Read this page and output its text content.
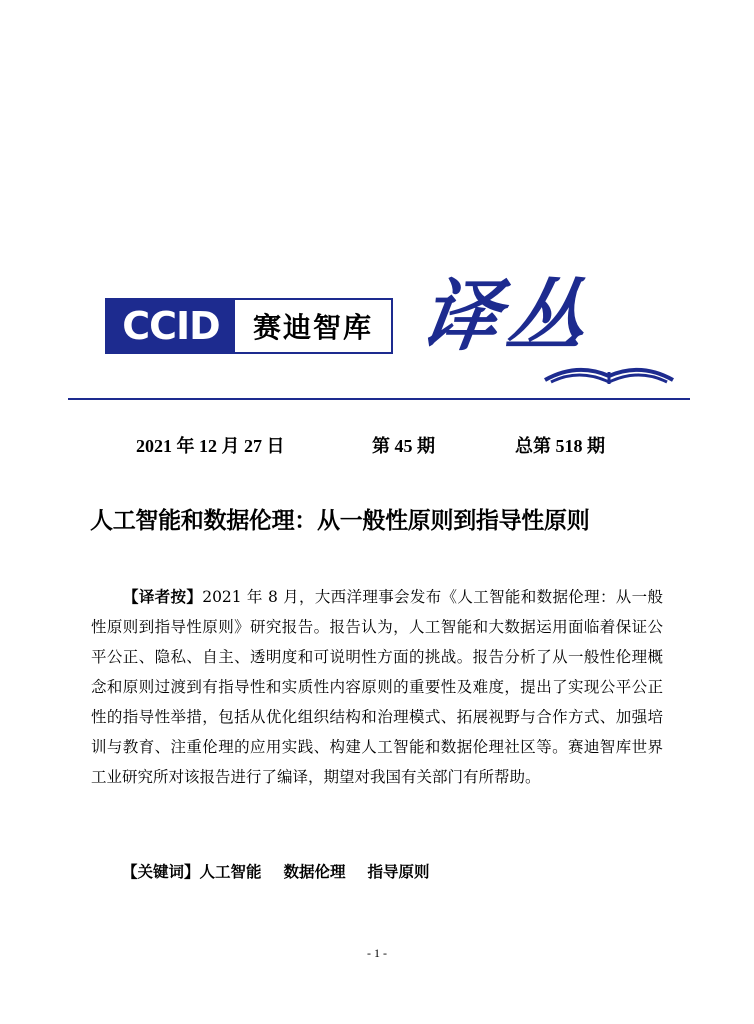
CCID	赛迪智库 译丛
2021 年 12 月 27 日	第 45 期	总第 518 期
人工智能和数据伦理：从一般性原则到指导性原则
【译者按】2021 年 8 月，大西洋理事会发布《人工智能和数据伦理：从一般性原则到指导性原则》研究报告。报告认为，人工智能和大数据运用面临着保证公平公正、隐私、自主、透明度和可说明性方面的挑战。报告分析了从一般性伦理概念和原则过渡到有指导性和实质性内容原则的重要性及难度，提出了实现公平公正性的指导性举措，包括从优化组织结构和治理模式、拓展视野与合作方式、加强培训与教育、注重伦理的应用实践、构建人工智能和数据伦理社区等。赛迪智库世界工业研究所对该报告进行了编译，期望对我国有关部门有所帮助。
【关键词】人工智能 数据伦理 指导原则
- 1 -
